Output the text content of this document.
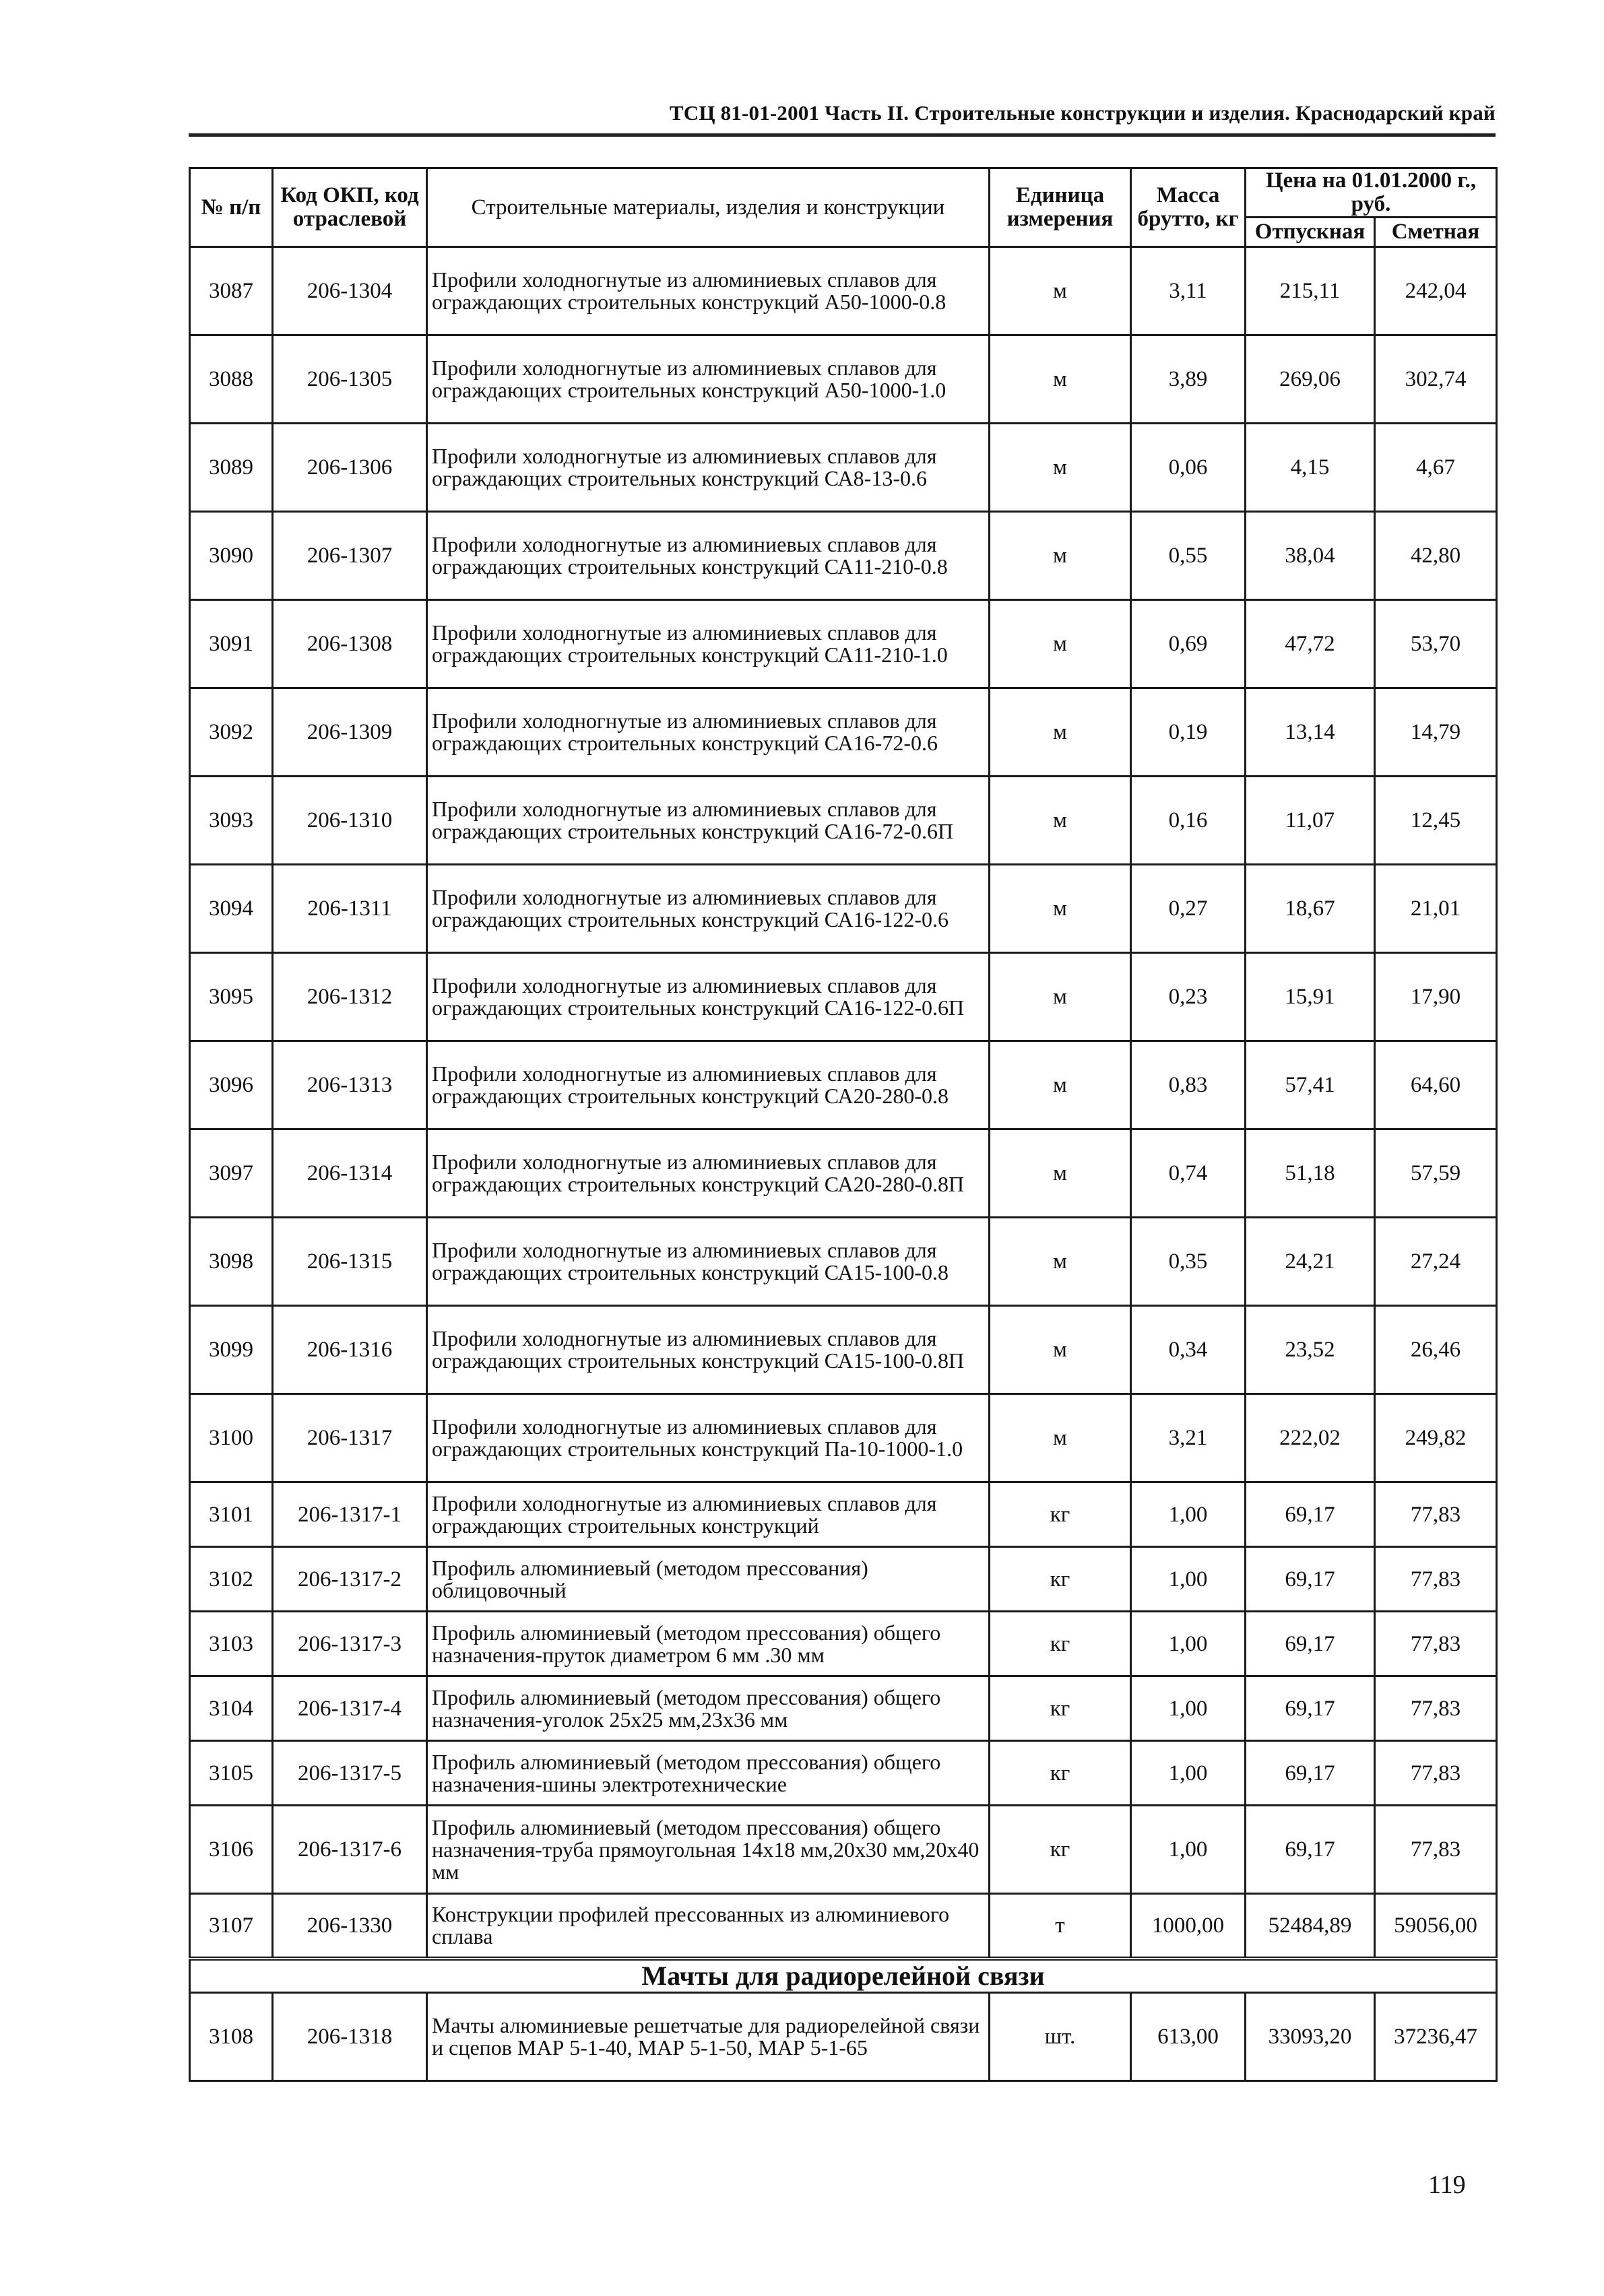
ТСЦ 81-01-2001 Часть II. Строительные конструкции и изделия. Краснодарский край
№ п/п	Код ОКП, код отраслевой	Строительные материалы, изделия и конструкции	Единица измерения	Масса брутто, кг	Цена на 01.01.2000 г., руб.	
					Отпускная	Сметная
3087	206-1304	Профили холодногнутые из алюминиевых сплавов для ограждающих строительных конструкций А50-1000-0.8	м	3,11	215,11	242,04
3088	206-1305	Профили холодногнутые из алюминиевых сплавов для ограждающих строительных конструкций А50-1000-1.0	м	3,89	269,06	302,74
3089	206-1306	Профили холодногнутые из алюминиевых сплавов для ограждающих строительных конструкций СА8-13-0.6	м	0,06	4,15	4,67
3090	206-1307	Профили холодногнутые из алюминиевых сплавов для ограждающих строительных конструкций СА11-210-0.8	м	0,55	38,04	42,80
3091	206-1308	Профили холодногнутые из алюминиевых сплавов для ограждающих строительных конструкций СА11-210-1.0	м	0,69	47,72	53,70
3092	206-1309	Профили холодногнутые из алюминиевых сплавов для ограждающих строительных конструкций СА16-72-0.6	м	0,19	13,14	14,79
3093	206-1310	Профили холодногнутые из алюминиевых сплавов для ограждающих строительных конструкций СА16-72-0.6П	м	0,16	11,07	12,45
3094	206-1311	Профили холодногнутые из алюминиевых сплавов для ограждающих строительных конструкций СА16-122-0.6	м	0,27	18,67	21,01
3095	206-1312	Профили холодногнутые из алюминиевых сплавов для ограждающих строительных конструкций СА16-122-0.6П	м	0,23	15,91	17,90
3096	206-1313	Профили холодногнутые из алюминиевых сплавов для ограждающих строительных конструкций СА20-280-0.8	м	0,83	57,41	64,60
3097	206-1314	Профили холодногнутые из алюминиевых сплавов для ограждающих строительных конструкций СА20-280-0.8П	м	0,74	51,18	57,59
3098	206-1315	Профили холодногнутые из алюминиевых сплавов для ограждающих строительных конструкций СА15-100-0.8	м	0,35	24,21	27,24
3099	206-1316	Профили холодногнутые из алюминиевых сплавов для ограждающих строительных конструкций СА15-100-0.8П	м	0,34	23,52	26,46
3100	206-1317	Профили холодногнутые из алюминиевых сплавов для ограждающих строительных конструкций Па-10-1000-1.0	м	3,21	222,02	249,82
3101	206-1317-1	Профили холодногнутые из алюминиевых сплавов для ограждающих строительных конструкций	кг	1,00	69,17	77,83
3102	206-1317-2	Профиль алюминиевый (методом прессования) облицовочный	кг	1,00	69,17	77,83
3103	206-1317-3	Профиль алюминиевый (методом прессования) общего назначения-пруток диаметром 6 мм .30 мм	кг	1,00	69,17	77,83
3104	206-1317-4	Профиль алюминиевый (методом прессования) общего назначения-уголок 25х25 мм,23х36 мм	кг	1,00	69,17	77,83
3105	206-1317-5	Профиль алюминиевый (методом прессования) общего назначения-шины электротехнические	кг	1,00	69,17	77,83
3106	206-1317-6	Профиль алюминиевый (методом прессования) общего назначения-труба прямоугольная 14х18 мм,20х30 мм,20х40 мм	кг	1,00	69,17	77,83
3107	206-1330	Конструкции профилей прессованных из алюминиевого сплава	т	1000,00	52484,89	59056,00
Мачты для радиорелейной связи						
3108	206-1318	Мачты алюминиевые решетчатые для радиорелейной связи и сцепов МАР 5-1-40, МАР 5-1-50, МАР 5-1-65	шт.	613,00	33093,20	37236,47
119
